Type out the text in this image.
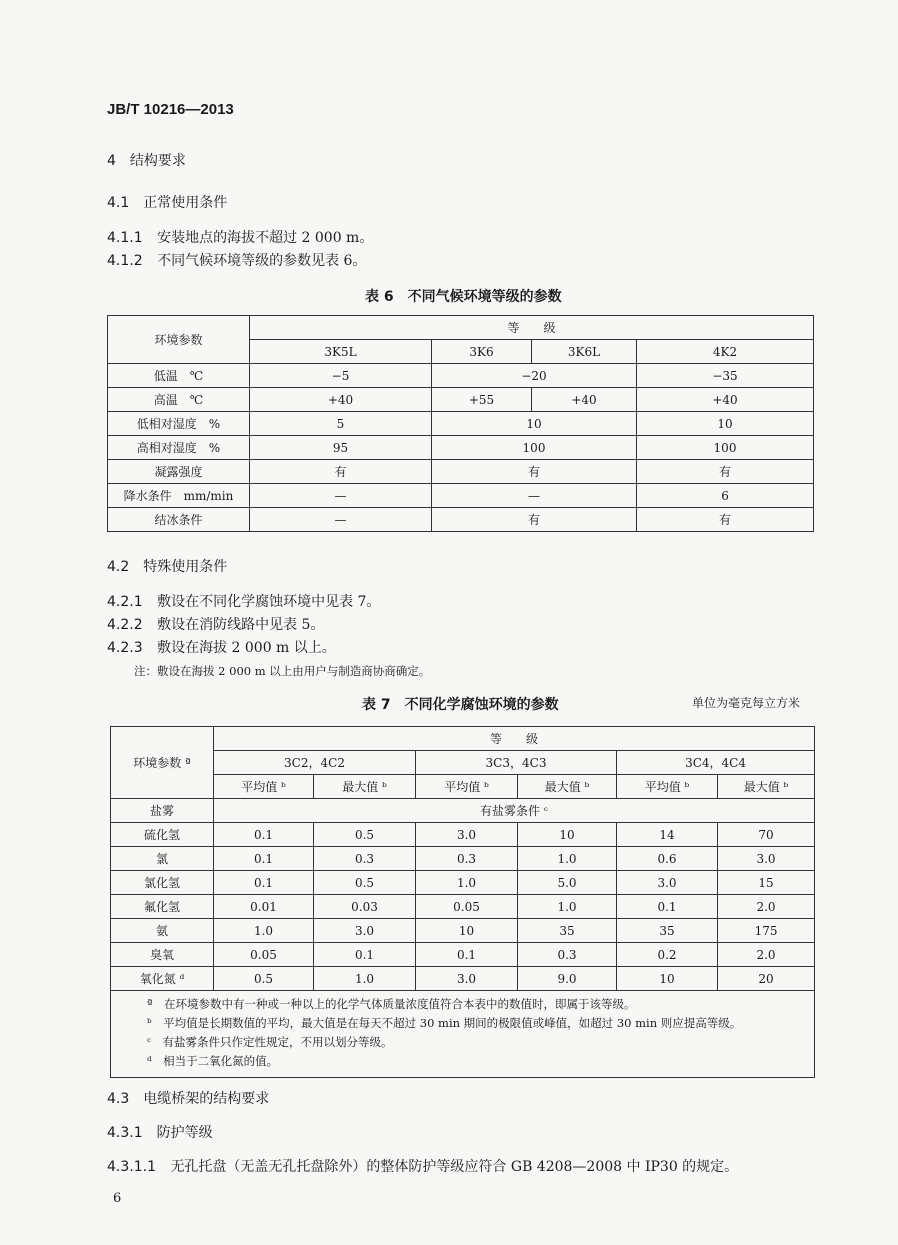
JB/T 10216—2013
4　结构要求
4.1　正常使用条件
4.1.1 安装地点的海拔不超过 2 000 m。
4.1.2 不同气候环境等级的参数见表 6。
表 6　不同气候环境等级的参数
环境参数	等　　级			
	3K5L	3K6	3K6L	4K2
低温　℃	−5	−20		−35
高温　℃	+40	+55	+40	+40
低相对湿度　%	5	10		10
高相对湿度　%	95	100		100
凝露强度	有	有		有
降水条件　mm/min	—	—		6
结冰条件	—	有		有
4.2　特殊使用条件
4.2.1 敷设在不同化学腐蚀环境中见表 7。
4.2.2 敷设在消防线路中见表 5。
4.2.3 敷设在海拔 2 000 m 以上。
注：敷设在海拔 2 000 m 以上由用户与制造商协商确定。
表 7　不同化学腐蚀环境的参数	单位为毫克每立方米
环境参数 ª	等　　级					
	3C2，4C2		3C3，4C3		3C4，4C4	
	平均值 ᵇ	最大值 ᵇ	平均值 ᵇ	最大值 ᵇ	平均值 ᵇ	最大值 ᵇ
盐雾	有盐雾条件 ᶜ					
硫化氢	0.1	0.5	3.0	10	14	70
氯	0.1	0.3	0.3	1.0	0.6	3.0
氯化氢	0.1	0.5	1.0	5.0	3.0	15
氟化氢	0.01	0.03	0.05	1.0	0.1	2.0
氨	1.0	3.0	10	35	35	175
臭氧	0.05	0.1	0.1	0.3	0.2	2.0
氧化氮 ᵈ	0.5	1.0	3.0	9.0	10	20

ª　在环境参数中有一种或一种以上的化学气体质量浓度值符合本表中的数值时，即属于该等级。
ᵇ　平均值是长期数值的平均，最大值是在每天不超过 30 min 期间的极限值或峰值，如超过 30 min 则应提高等级。
ᶜ　有盐雾条件只作定性规定，不用以划分等级。
ᵈ　相当于二氧化氮的值。						
4.3　电缆桥架的结构要求
4.3.1　防护等级
4.3.1.1 无孔托盘（无盖无孔托盘除外）的整体防护等级应符合 GB 4208—2008 中 IP30 的规定。
6
